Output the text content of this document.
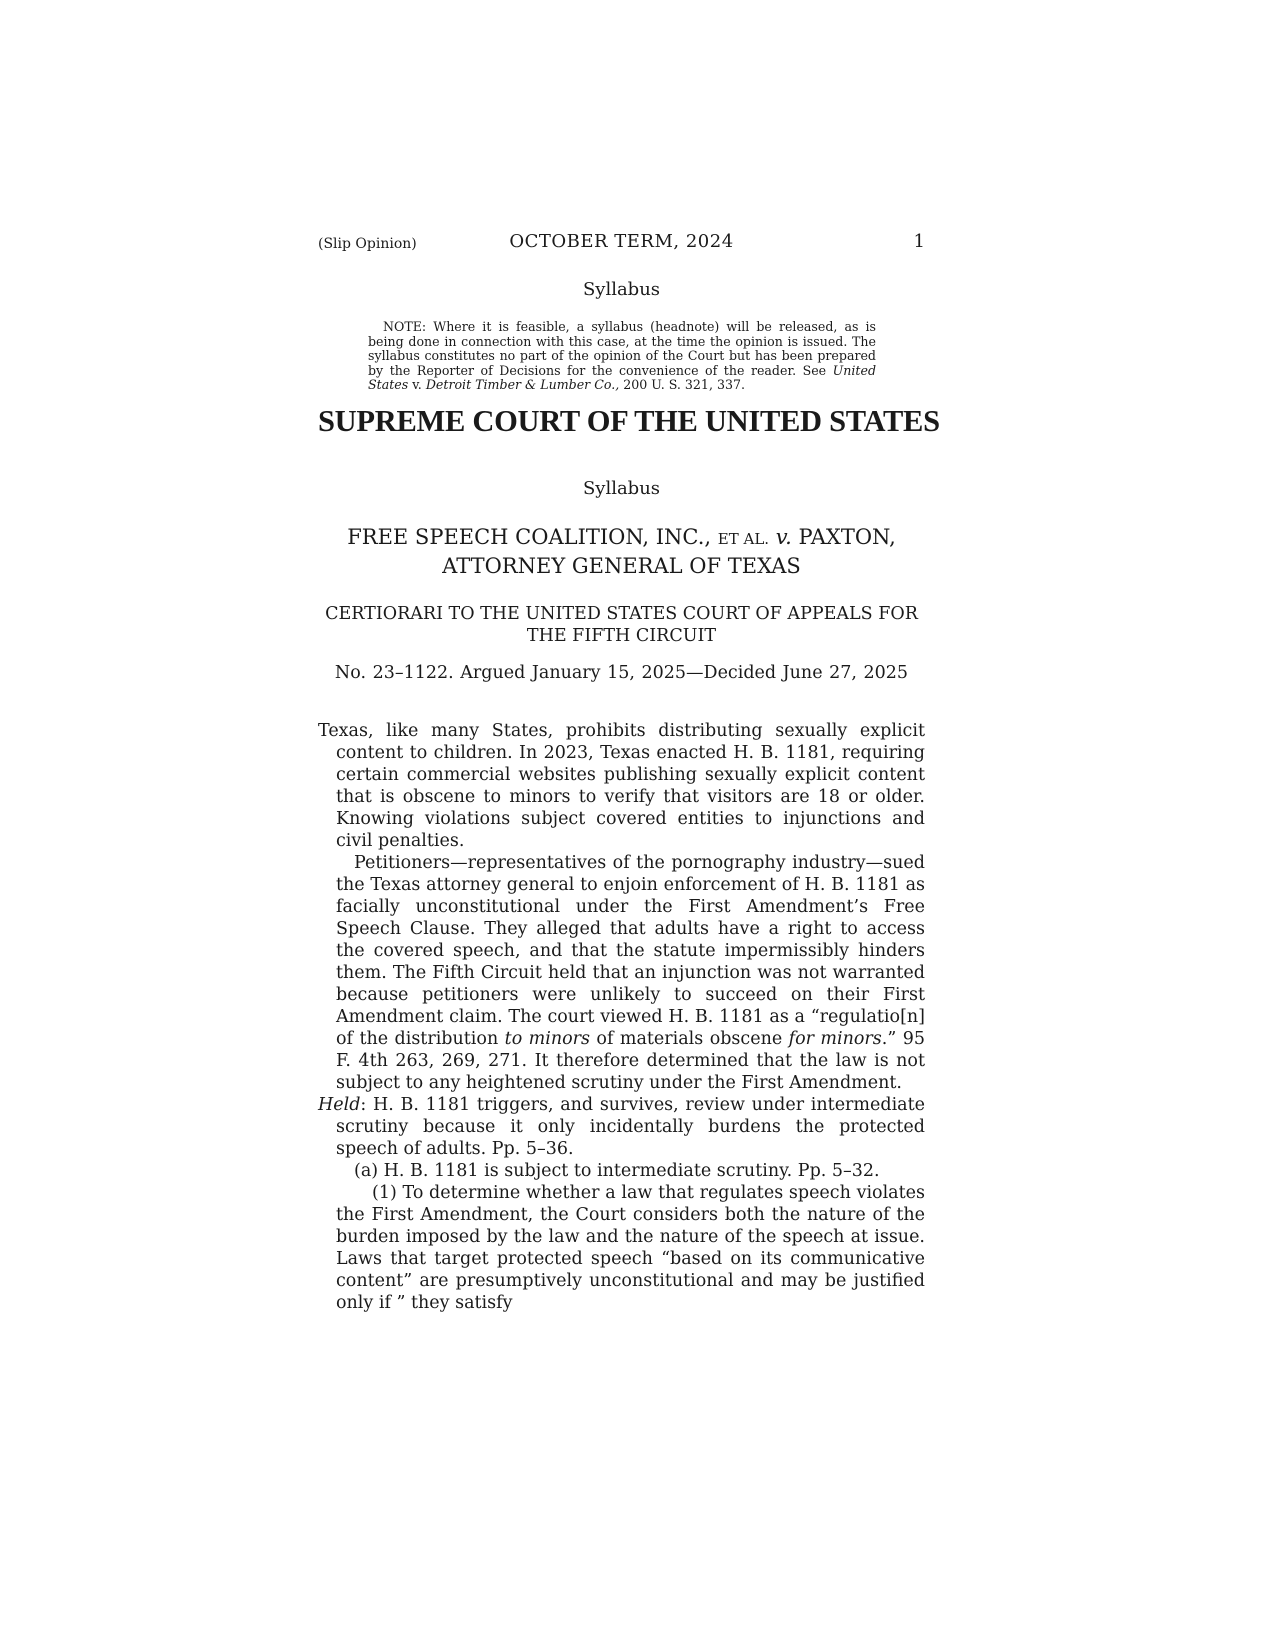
(Slip Opinion)	OCTOBER TERM, 2024	1
Syllabus
NOTE: Where it is feasible, a syllabus (headnote) will be released, as is being done in connection with this case, at the time the opinion is issued. The syllabus constitutes no part of the opinion of the Court but has been prepared by the Reporter of Decisions for the convenience of the reader. See United States v. Detroit Timber & Lumber Co., 200 U. S. 321, 337.
SUPREME COURT OF THE UNITED STATES
Syllabus
FREE SPEECH COALITION, INC., ET AL. v. PAXTON,
ATTORNEY GENERAL OF TEXAS
CERTIORARI TO THE UNITED STATES COURT OF APPEALS FOR
THE FIFTH CIRCUIT
No. 23–1122. Argued January 15, 2025—Decided June 27, 2025

Texas, like many States, prohibits distributing sexually explicit content to children. In 2023, Texas enacted H. B. 1181, requiring certain commercial websites publishing sexually explicit content that is obscene to minors to verify that visitors are 18 or older. Knowing violations subject covered entities to injunctions and civil penalties.

Petitioners—representatives of the pornography industry—sued the Texas attorney general to enjoin enforcement of H. B. 1181 as facially unconstitutional under the First Amendment’s Free Speech Clause. They alleged that adults have a right to access the covered speech, and that the statute impermissibly hinders them. The Fifth Circuit held that an injunction was not warranted because petitioners were unlikely to succeed on their First Amendment claim. The court viewed H. B. 1181 as a “regulatio[n] of the distribution to minors of materials obscene for minors.” 95 F. 4th 263, 269, 271. It therefore determined that the law is not subject to any heightened scrutiny under the First Amendment.

Held: H. B. 1181 triggers, and survives, review under intermediate scrutiny because it only incidentally burdens the protected speech of adults. Pp. 5–36.

(a) H. B. 1181 is subject to intermediate scrutiny. Pp. 5–32.

(1) To determine whether a law that regulates speech violates the First Amendment, the Court considers both the nature of the burden imposed by the law and the nature of the speech at issue. Laws that target protected speech “based on its communicative content” are presumptively unconstitutional and may be justified only if ” they satisfy
